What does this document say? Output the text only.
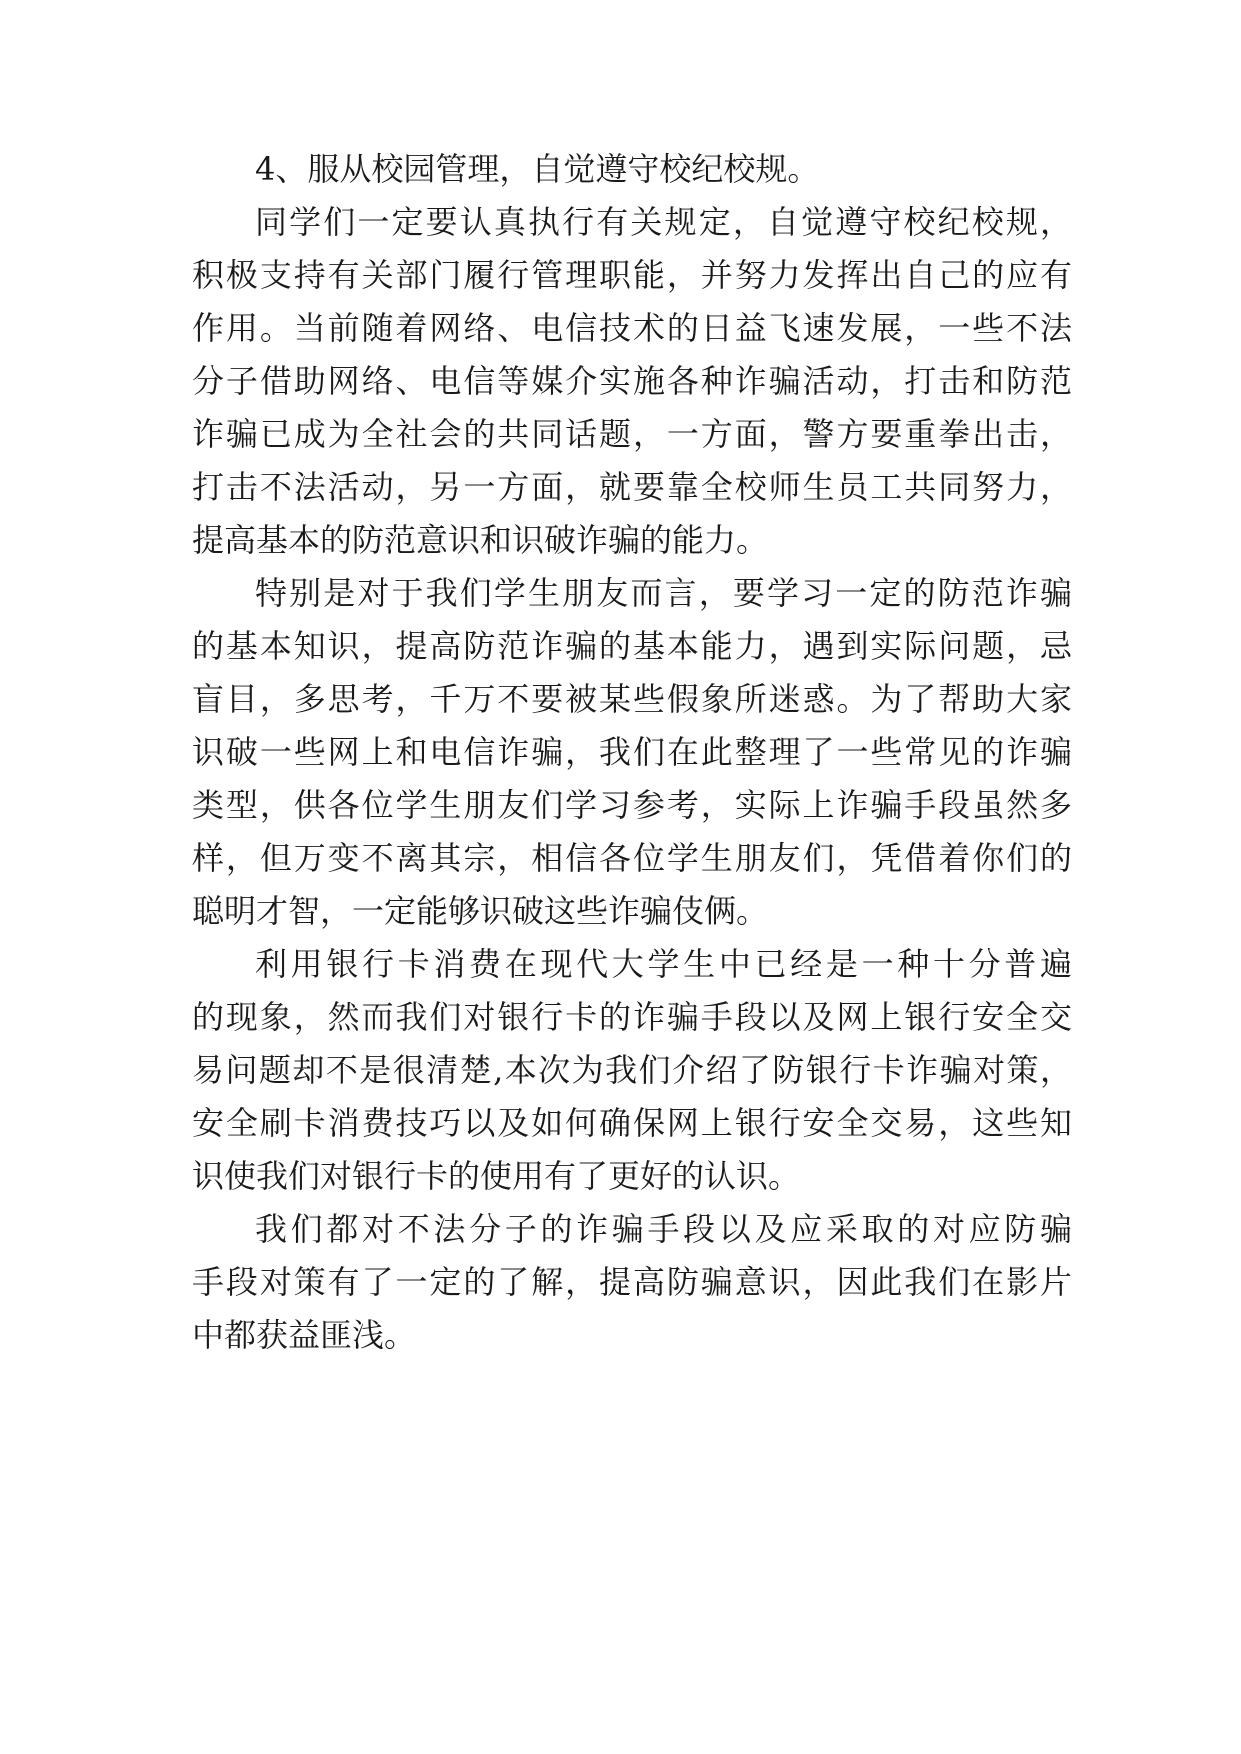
4、服从校园管理，自觉遵守校纪校规。
同学们一定要认真执行有关规定，自觉遵守校纪校规，
积极支持有关部门履行管理职能，并努力发挥出自己的应有
作用。当前随着网络、电信技术的日益飞速发展，一些不法
分子借助网络、电信等媒介实施各种诈骗活动，打击和防范
诈骗已成为全社会的共同话题，一方面，警方要重拳出击，
打击不法活动，另一方面，就要靠全校师生员工共同努力，
提高基本的防范意识和识破诈骗的能力。
特别是对于我们学生朋友而言，要学习一定的防范诈骗
的基本知识，提高防范诈骗的基本能力，遇到实际问题，忌
盲目，多思考，千万不要被某些假象所迷惑。为了帮助大家
识破一些网上和电信诈骗，我们在此整理了一些常见的诈骗
类型，供各位学生朋友们学习参考，实际上诈骗手段虽然多
样，但万变不离其宗，相信各位学生朋友们，凭借着你们的
聪明才智，一定能够识破这些诈骗伎俩。
利用银行卡消费在现代大学生中已经是一种十分普遍
的现象，然而我们对银行卡的诈骗手段以及网上银行安全交
易问题却不是很清楚,本次为我们介绍了防银行卡诈骗对策，
安全刷卡消费技巧以及如何确保网上银行安全交易，这些知
识使我们对银行卡的使用有了更好的认识。
我们都对不法分子的诈骗手段以及应采取的对应防骗
手段对策有了一定的了解，提高防骗意识，因此我们在影片
中都获益匪浅。
